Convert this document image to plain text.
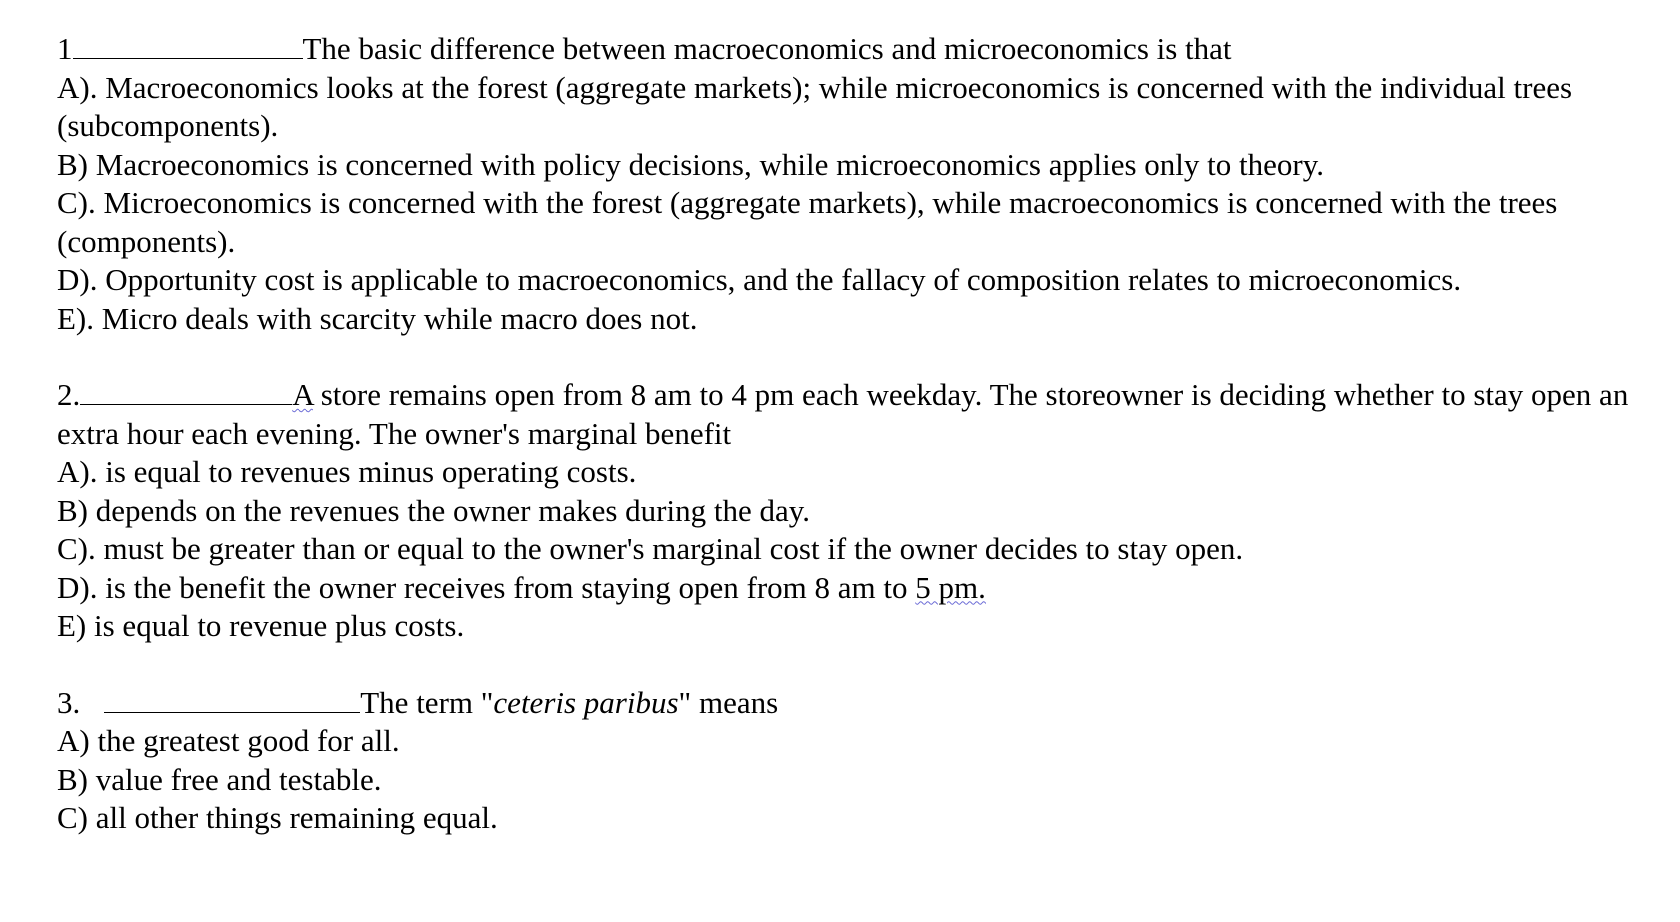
1	The basic difference between macroeconomics and microeconomics is that
A). Macroeconomics looks at the forest (aggregate markets); while microeconomics is concerned with the individual trees (subcomponents).
B) Macroeconomics is concerned with policy decisions, while microeconomics applies only to theory.
C). Microeconomics is concerned with the forest (aggregate markets), while macroeconomics is concerned with the trees (components).
D). Opportunity cost is applicable to macroeconomics, and the fallacy of composition relates to microeconomics.
E). Micro deals with scarcity while macro does not.
2.	A store remains open from 8 am to 4 pm each weekday. The storeowner is deciding whether to stay open an extra hour each evening. The owner's marginal benefit
A). is equal to revenues minus operating costs.
B) depends on the revenues the owner makes during the day.
C). must be greater than or equal to the owner's marginal cost if the owner decides to stay open.
D). is the benefit the owner receives from staying open from 8 am to 5 pm.
E) is equal to revenue plus costs.
3.	The term "ceteris paribus" means
A) the greatest good for all.
B) value free and testable.
C) all other things remaining equal.
